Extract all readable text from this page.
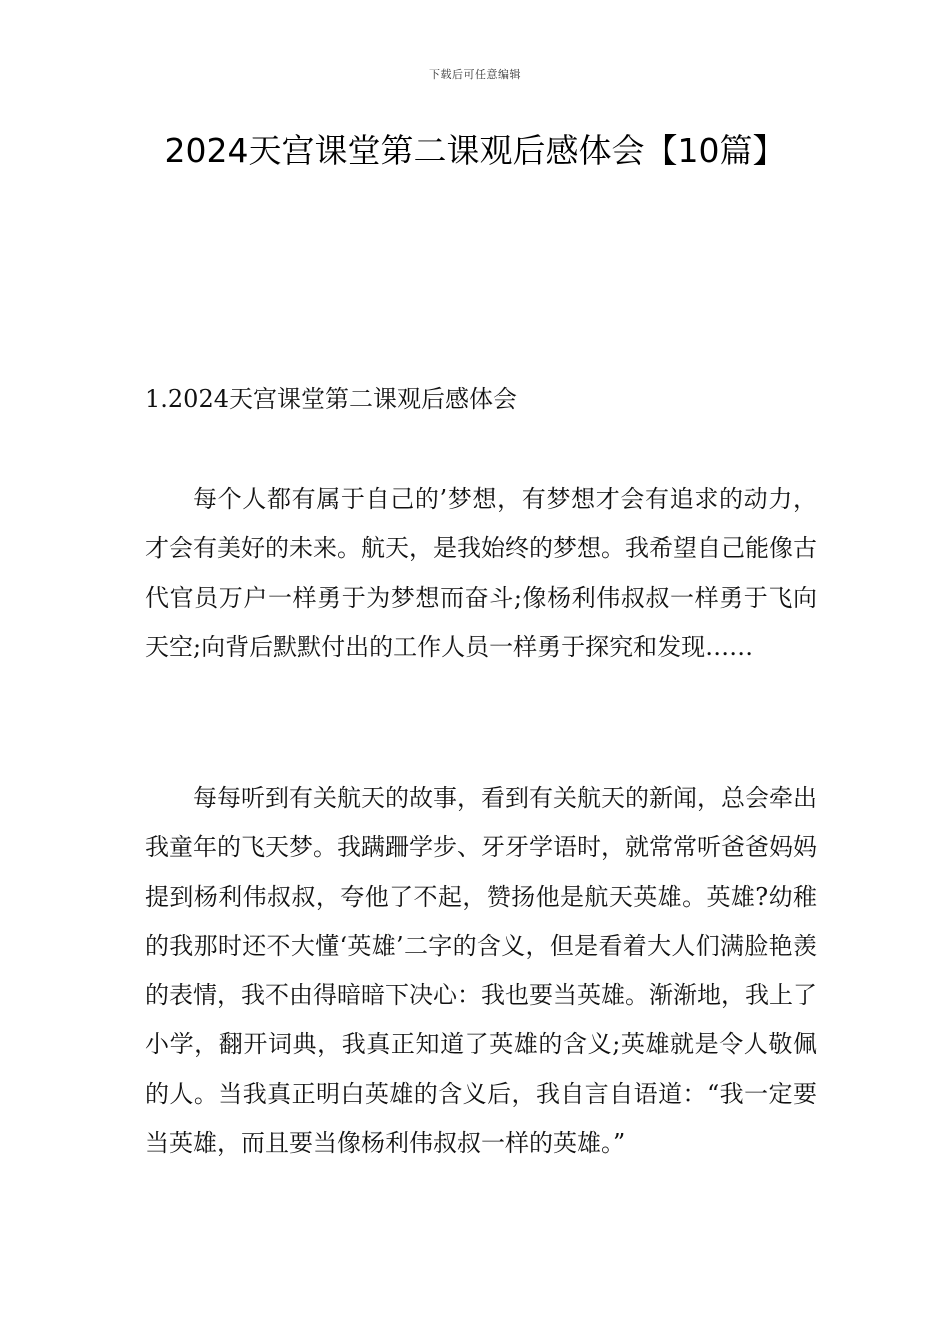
下载后可任意编辑
2024天宫课堂第二课观后感体会【10篇】
1.2024天宫课堂第二课观后感体会

每个人都有属于自己的’梦想，有梦想才会有追求的动力，才会有美好的未来。航天，是我始终的梦想。我希望自己能像古代官员万户一样勇于为梦想而奋斗;像杨利伟叔叔一样勇于飞向天空;向背后默默付出的工作人员一样勇于探究和发现……

每每听到有关航天的故事，看到有关航天的新闻，总会牵出我童年的飞天梦。我蹒跚学步、牙牙学语时，就常常听爸爸妈妈提到杨利伟叔叔，夸他了不起，赞扬他是航天英雄。英雄?幼稚的我那时还不大懂‘英雄’二字的含义，但是看着大人们满脸艳羡的表情，我不由得暗暗下决心：我也要当英雄。渐渐地，我上了小学，翻开词典，我真正知道了英雄的含义;英雄就是令人敬佩的人。当我真正明白英雄的含义后，我自言自语道：“我一定要当英雄，而且要当像杨利伟叔叔一样的英雄。”
